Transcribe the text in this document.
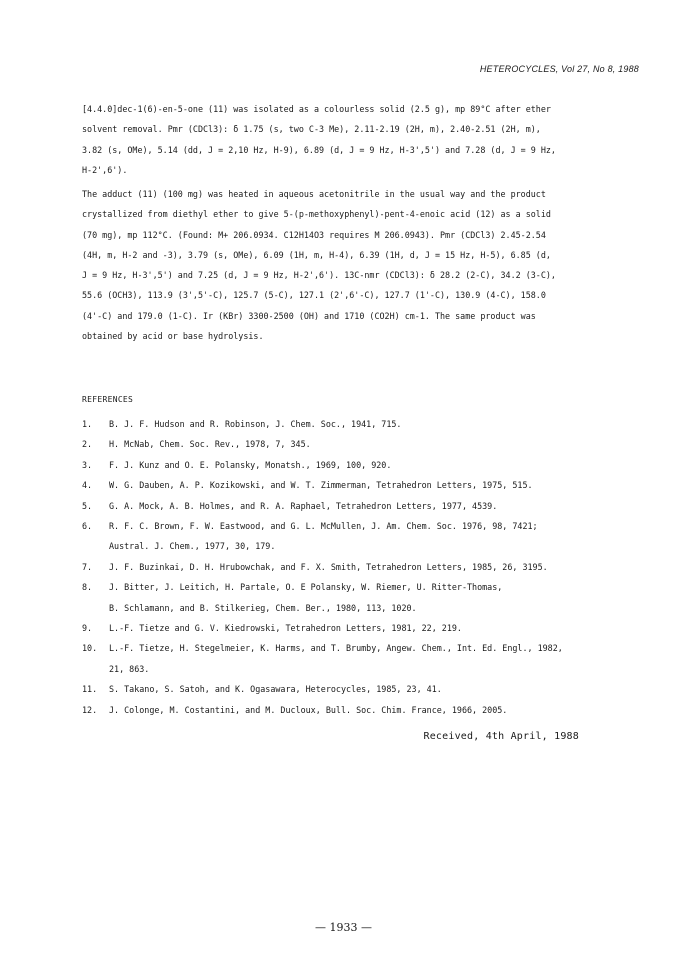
HETEROCYCLES, Vol 27, No 8, 1988
[4.4.0]dec-1(6)-en-5-one (11) was isolated as a colourless solid (2.5 g), mp 89°C after ether
solvent removal. Pmr (CDCl3): δ 1.75 (s, two C-3 Me), 2.11-2.19 (2H, m), 2.40-2.51 (2H, m),
3.82 (s, OMe), 5.14 (dd, J = 2,10 Hz, H-9), 6.89 (d, J = 9 Hz, H-3',5') and 7.28 (d, J = 9 Hz,
H-2',6').
The adduct (11) (100 mg) was heated in aqueous acetonitrile in the usual way and the product
crystallized from diethyl ether to give 5-(p-methoxyphenyl)-pent-4-enoic acid (12) as a solid
(70 mg), mp 112°C. (Found: M+ 206.0934. C12H14O3 requires M 206.0943). Pmr (CDCl3) 2.45-2.54
(4H, m, H-2 and -3), 3.79 (s, OMe), 6.09 (1H, m, H-4), 6.39 (1H, d, J = 15 Hz, H-5), 6.85 (d,
J = 9 Hz, H-3',5') and 7.25 (d, J = 9 Hz, H-2',6'). 13C-nmr (CDCl3): δ 28.2 (2-C), 34.2 (3-C),
55.6 (OCH3), 113.9 (3',5'-C), 125.7 (5-C), 127.1 (2',6'-C), 127.7 (1'-C), 130.9 (4-C), 158.0
(4'-C) and 179.0 (1-C). Ir (KBr) 3300-2500 (OH) and 1710 (CO2H) cm-1. The same product was
obtained by acid or base hydrolysis.
REFERENCES
1.	B. J. F. Hudson and R. Robinson, J. Chem. Soc., 1941, 715.
2.	H. McNab, Chem. Soc. Rev., 1978, 7, 345.
3.	F. J. Kunz and O. E. Polansky, Monatsh., 1969, 100, 920.
4.	W. G. Dauben, A. P. Kozikowski, and W. T. Zimmerman, Tetrahedron Letters, 1975, 515.
5.	G. A. Mock, A. B. Holmes, and R. A. Raphael, Tetrahedron Letters, 1977, 4539.
6.	R. F. C. Brown, F. W. Eastwood, and G. L. McMullen, J. Am. Chem. Soc. 1976, 98, 7421;
Austral. J. Chem., 1977, 30, 179.
7.	J. F. Buzinkai, D. H. Hrubowchak, and F. X. Smith, Tetrahedron Letters, 1985, 26, 3195.
8.	J. Bitter, J. Leitich, H. Partale, O. E Polansky, W. Riemer, U. Ritter-Thomas,
B. Schlamann, and B. Stilkerieg, Chem. Ber., 1980, 113, 1020.
9.	L.-F. Tietze and G. V. Kiedrowski, Tetrahedron Letters, 1981, 22, 219.
10.	L.-F. Tietze, H. Stegelmeier, K. Harms, and T. Brumby, Angew. Chem., Int. Ed. Engl., 1982,
21, 863.
11.	S. Takano, S. Satoh, and K. Ogasawara, Heterocycles, 1985, 23, 41.
12.	J. Colonge, M. Costantini, and M. Ducloux, Bull. Soc. Chim. France, 1966, 2005.
Received, 4th April, 1988
— 1933 —
